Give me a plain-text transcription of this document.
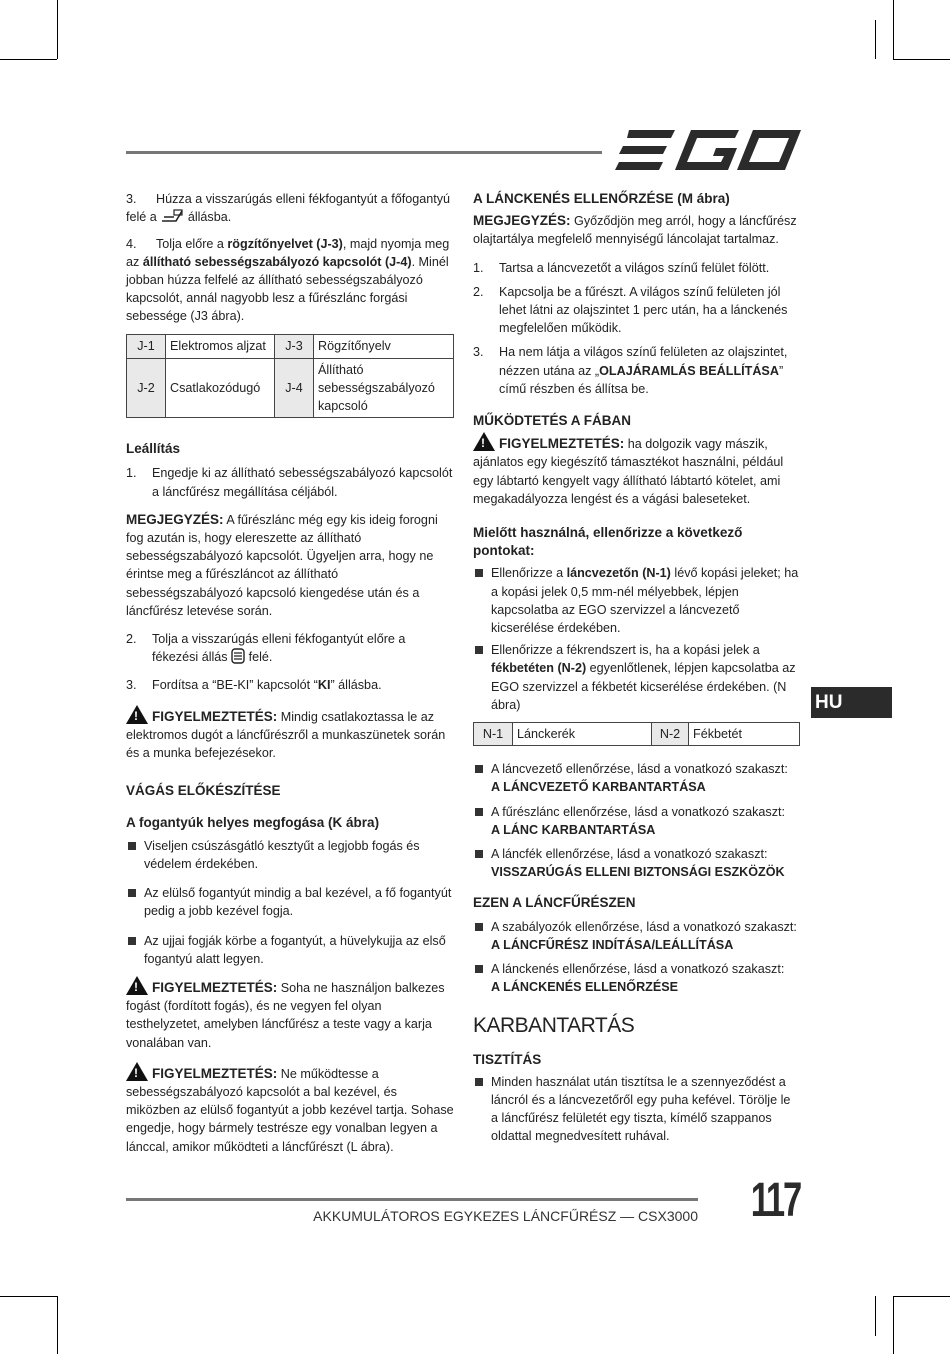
HU
3.	Húzza a visszarúgás elleni fékfogantyút a főfogantyú felé a állásba.

4. Tolja előre a rögzítőnyelvet (J-3), majd nyomja meg az állítható sebességszabályozó kapcsolót (J-4). Minél jobban húzza felfelé az állítható sebességszabályozó kapcsolót, annál nagyobb lesz a fűrészlánc forgási sebessége (J3 ábra).

J-1	Elektromos aljzat	J-3	Rögzítőnyelv
J-2	Csatlakozódugó	J-4	Állítható sebességszabályozó kapcsoló

Leállítás

1.	Engedje ki az állítható sebességszabályozó kapcsolót a láncfűrész megállítása céljából.

MEGJEGYZÉS: A fűrészlánc még egy kis ideig forogni fog azután is, hogy elereszette az állítható sebességszabályozó kapcsolót. Ügyeljen arra, hogy ne érintse meg a fűrészláncot az állítható sebességszabályozó kapcsoló kiengedése után és a láncfűrész letevése során.

2.	Tolja a visszarúgás elleni fékfogantyút előre a fékezési állás felé.
3.	Fordítsa a “BE-KI” kapcsolót “KI” állásba.

!FIGYELMEZTETÉS: Mindig csatlakoztassa le az elektromos dugót a láncfűrészről a munkaszünetek során és a munka befejezésekor.

VÁGÁS ELŐKÉSZÍTÉSE

A fogantyúk helyes megfogása (K ábra)

Viseljen csúszásgátló kesztyűt a legjobb fogás és védelem érdekében.
Az elülső fogantyút mindig a bal kezével, a fő fogantyút pedig a jobb kezével fogja.
Az ujjai fogják körbe a fogantyút, a hüvelykujja az első fogantyú alatt legyen.

!FIGYELMEZTETÉS: Soha ne használjon balkezes fogást (fordított fogás), és ne vegyen fel olyan testhelyzetet, amelyben láncfűrész a teste vagy a karja vonalában van.

!FIGYELMEZTETÉS: Ne működtesse a sebességszabályozó kapcsolót a bal kezével, és miközben az elülső fogantyút a jobb kezével tartja. Sohase engedje, hogy bármely testrésze egy vonalban legyen a lánccal, amikor működteti a láncfűrészt (L ábra).

A LÁNCKENÉS ELLENŐRZÉSE (M ábra)

MEGJEGYZÉS: Győződjön meg arról, hogy a láncfűrész olajtartálya megfelelő mennyiségű láncolajat tartalmaz.

1.	Tartsa a láncvezetőt a világos színű felület fölött.
2.	Kapcsolja be a fűrészt. A világos színű felületen jól lehet látni az olajszintet 1 perc után, ha a lánckenés megfelelően működik.
3.	Ha nem látja a világos színű felületen az olajszintet, nézzen utána az „OLAJÁRAMLÁS BEÁLLÍTÁSA” című részben és állítsa be.

MŰKÖDTETÉS A FÁBAN

!FIGYELMEZTETÉS: ha dolgozik vagy mászik, ajánlatos egy kiegészítő támasztékot használni, például egy lábtartó kengyelt vagy állítható lábtartó kötelet, ami megakadályozza lengést és a vágási baleseteket.

Mielőtt használná, ellenőrizze a következő pontokat:

Ellenőrizze a láncvezetőn (N-1) lévő kopási jeleket; ha a kopási jelek 0,5 mm-nél mélyebbek, lépjen kapcsolatba az EGO szervizzel a láncvezető kicserélése érdekében.
Ellenőrizze a fékrendszert is, ha a kopási jelek a fékbetéten (N-2) egyenlőtlenek, lépjen kapcsolatba az EGO szervizzel a fékbetét kicserélése érdekében. (N ábra)
N-1	Lánckerék	N-2	Fékbetét
A láncvezető ellenőrzése, lásd a vonatkozó szakaszt:
A LÁNCVEZETŐ KARBANTARTÁSA
A fűrészlánc ellenőrzése, lásd a vonatkozó szakaszt:
A LÁNC KARBANTARTÁSA
A láncfék ellenőrzése, lásd a vonatkozó szakaszt:
VISSZARÚGÁS ELLENI BIZTONSÁGI ESZKÖZÖK

EZEN A LÁNCFŰRÉSZEN

A szabályozók ellenőrzése, lásd a vonatkozó szakaszt:
A LÁNCFŰRÉSZ INDÍTÁSA/LEÁLLÍTÁSA
A lánckenés ellenőrzése, lásd a vonatkozó szakaszt:
A LÁNCKENÉS ELLENŐRZÉSE

KARBANTARTÁS

TISZTÍTÁS

Minden használat után tisztítsa le a szennyeződést a láncról és a láncvezetőről egy puha kefével. Törölje le a láncfűrész felületét egy tiszta, kímélő szappanos oldattal megnedvesített ruhával.
AKKUMULÁTOROS EGYKEZES LÁNCFŰRÉSZ — CSX3000	117
